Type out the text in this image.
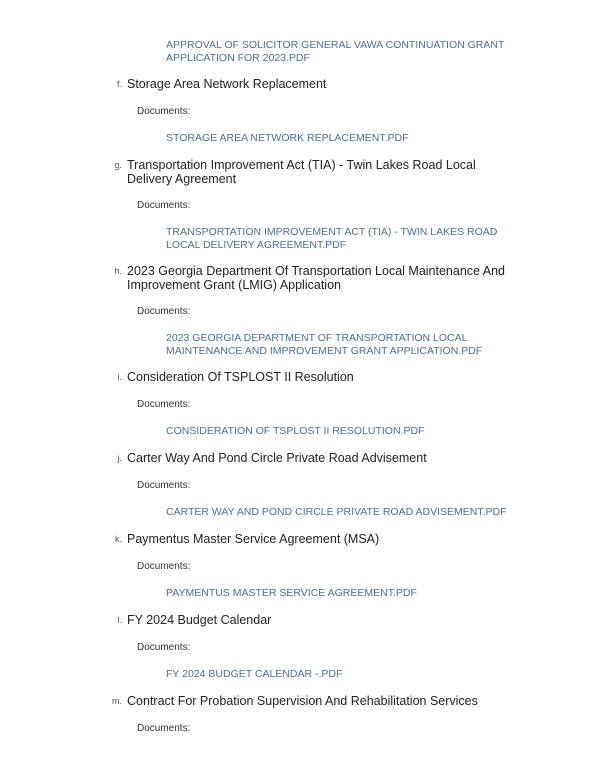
APPROVAL OF SOLICITOR GENERAL VAWA CONTINUATION GRANT APPLICATION FOR 2023.PDF
f. Storage Area Network Replacement
Documents:
STORAGE AREA NETWORK REPLACEMENT.PDF
g. Transportation Improvement Act (TIA) - Twin Lakes Road Local Delivery Agreement
Documents:
TRANSPORTATION IMPROVEMENT ACT (TIA) - TWIN LAKES ROAD LOCAL DELIVERY AGREEMENT.PDF
h. 2023 Georgia Department Of Transportation Local Maintenance And Improvement Grant (LMIG) Application
Documents:
2023 GEORGIA DEPARTMENT OF TRANSPORTATION LOCAL MAINTENANCE AND IMPROVEMENT GRANT APPLICATION.PDF
i. Consideration Of TSPLOST II Resolution
Documents:
CONSIDERATION OF TSPLOST II RESOLUTION.PDF
j. Carter Way And Pond Circle Private Road Advisement
Documents:
CARTER WAY AND POND CIRCLE PRIVATE ROAD ADVISEMENT.PDF
k. Paymentus Master Service Agreement (MSA)
Documents:
PAYMENTUS MASTER SERVICE AGREEMENT.PDF
l. FY 2024 Budget Calendar
Documents:
FY 2024 BUDGET CALENDAR -.PDF
m. Contract For Probation Supervision And Rehabilitation Services
Documents:
